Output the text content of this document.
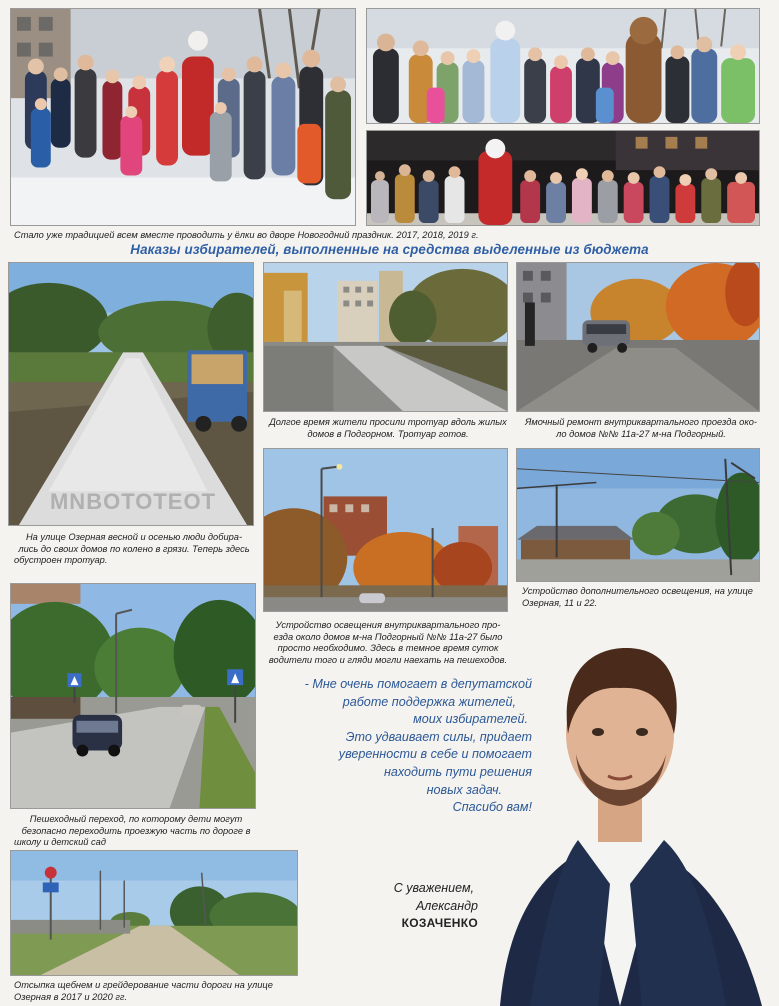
Стало уже традицией всем вместе проводить у ёлки во дворе Новогодний праздник. 2017, 2018, 2019 г.
Наказы избирателей, выполненные на средства выделенные из бюджета
MNBOTOTEOT
На улице Озерная весной и осенью люди добира-
лись до своих домов по колено в грязи. Теперь здесь
обустроен тротуар.
Долгое время жители просили тротуар вдоль жилых
домов в Подгорном. Тротуар готов.
Ямочный ремонт внутриквартального проезда око-
ло домов №№ 11а-27 м-на Подгорный.
Устройство освещения внутриквартального про-
езда около домов м-на Подгорный №№ 11а-27 было
просто необходимо. Здесь в темное время суток
водители того и гляди могли наехать на пешеходов.
Устройство дополнительного освещения, на улице
Озерная, 11 и 22.
Пешеходный переход, по которому дети могут
безопасно переходить проезжую часть по дороге в
школу и детский сад
Отсыпка щебнем и грейдерование части дороги на улице
Озерная в 2017 и 2020 гг.
- Мне очень помогает в депутатской
работе поддержка жителей,
моих избирателей.
Это удваивает силы, придает
уверенности в себе и помогает
находить пути решения
новых задач.
Спасибо вам!
С уважением,
Александр
КОЗАЧЕНКО
